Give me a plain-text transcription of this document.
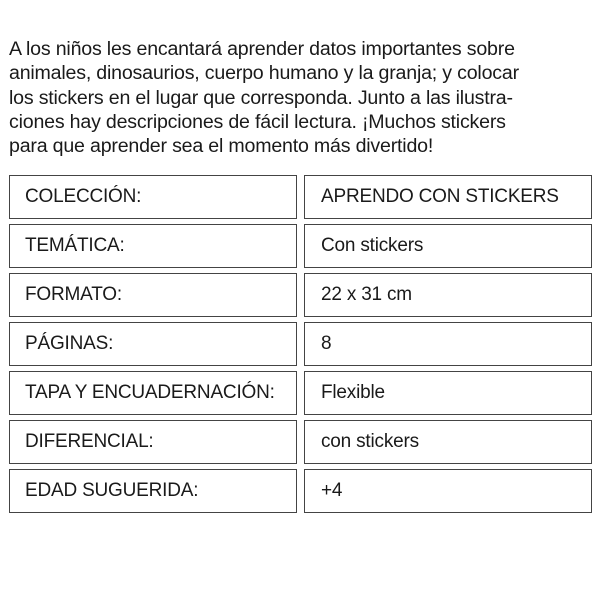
A los niños les encantará aprender datos importantes sobre
animales, dinosaurios, cuerpo humano y la granja; y colocar
los stickers en el lugar que corresponda. Junto a las ilustra-
ciones hay descripciones de fácil lectura. ¡Muchos stickers
para que aprender sea el momento más divertido!

COLECCIÓN:	APRENDO CON STICKERS
TEMÁTICA:	Con stickers
FORMATO:	22 x 31 cm
PÁGINAS:	8
TAPA Y ENCUADERNACIÓN:	Flexible
DIFERENCIAL:	con stickers
EDAD SUGUERIDA:	+4
